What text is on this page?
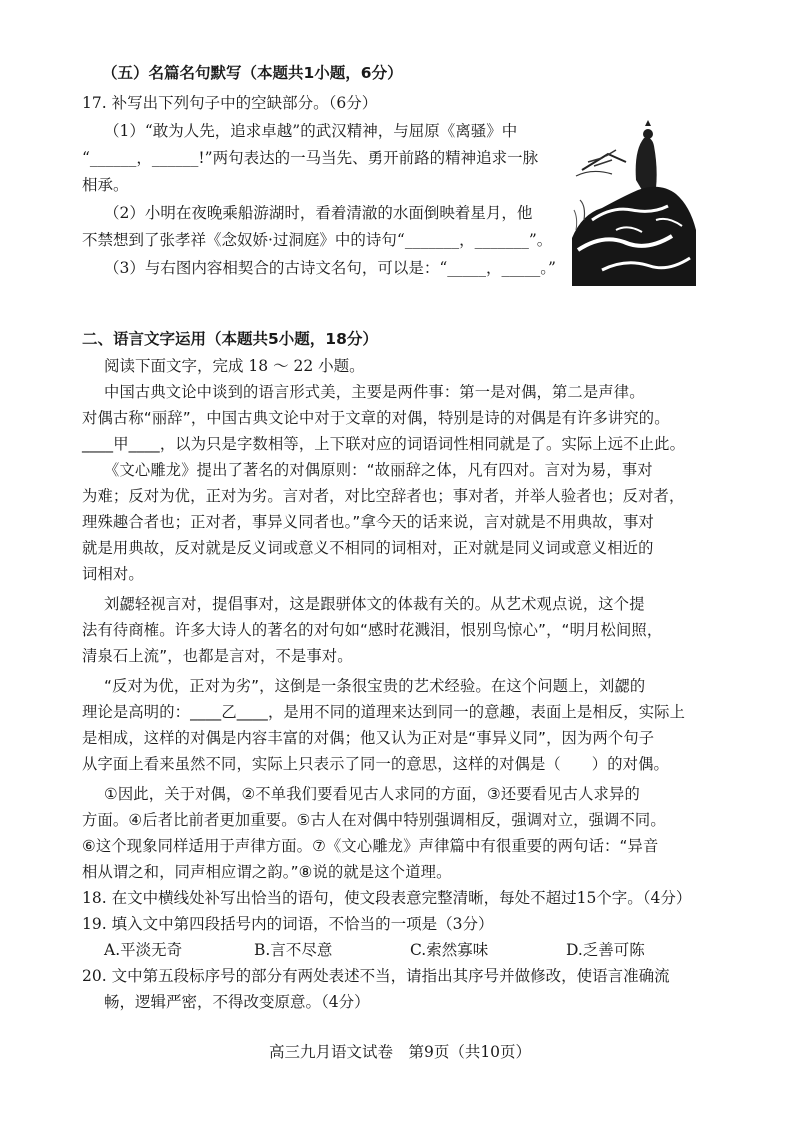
（五）名篇名句默写（本题共1小题，6分）
17. 补写出下列句子中的空缺部分。（6分）
（1）“敢为人先，追求卓越”的武汉精神，与屈原《离骚》中
“______，______!”两句表达的一马当先、勇开前路的精神追求一脉
相承。
（2）小明在夜晚乘船游湖时，看着清澈的水面倒映着星月，他
不禁想到了张孝祥《念奴娇·过洞庭》中的诗句“_______，_______”。
（3）与右图内容相契合的古诗文名句，可以是：“_____，_____。”
二、语言文字运用（本题共5小题，18分）
阅读下面文字，完成 18 ～ 22 小题。
中国古典文论中谈到的语言形式美，主要是两件事：第一是对偶，第二是声律。
对偶古称“丽辞”，中国古典文论中对于文章的对偶，特别是诗的对偶是有许多讲究的。
____甲____，以为只是字数相等，上下联对应的词语词性相同就是了。实际上远不止此。
《文心雕龙》提出了著名的对偶原则：“故丽辞之体，凡有四对。言对为易，事对
为难；反对为优，正对为劣。言对者，对比空辞者也；事对者，并举人验者也；反对者，
理殊趣合者也；正对者，事异义同者也。”拿今天的话来说，言对就是不用典故，事对
就是用典故，反对就是反义词或意义不相同的词相对，正对就是同义词或意义相近的
词相对。
刘勰轻视言对，提倡事对，这是跟骈体文的体裁有关的。从艺术观点说，这个提
法有待商榷。许多大诗人的著名的对句如“感时花溅泪，恨别鸟惊心”，“明月松间照，
清泉石上流”，也都是言对，不是事对。
“反对为优，正对为劣”，这倒是一条很宝贵的艺术经验。在这个问题上，刘勰的
理论是高明的：____乙____，是用不同的道理来达到同一的意趣，表面上是相反，实际上
是相成，这样的对偶是内容丰富的对偶；他又认为正对是“事异义同”，因为两个句子
从字面上看来虽然不同，实际上只表示了同一的意思，这样的对偶是（　　）的对偶。
①因此，关于对偶，②不单我们要看见古人求同的方面，③还要看见古人求异的
方面。④后者比前者更加重要。⑤古人在对偶中特别强调相反，强调对立，强调不同。
⑥这个现象同样适用于声律方面。⑦《文心雕龙》声律篇中有很重要的两句话：“异音
相从谓之和，同声相应谓之韵。”⑧说的就是这个道理。
18. 在文中横线处补写出恰当的语句，使文段表意完整清晰，每处不超过15个字。（4分）
19. 填入文中第四段括号内的词语，不恰当的一项是（3分）
A.平淡无奇	B.言不尽意	C.索然寡味	D.乏善可陈
20. 文中第五段标序号的部分有两处表述不当，请指出其序号并做修改，使语言准确流
畅，逻辑严密，不得改变原意。（4分）
高三九月语文试卷　第9页（共10页）
